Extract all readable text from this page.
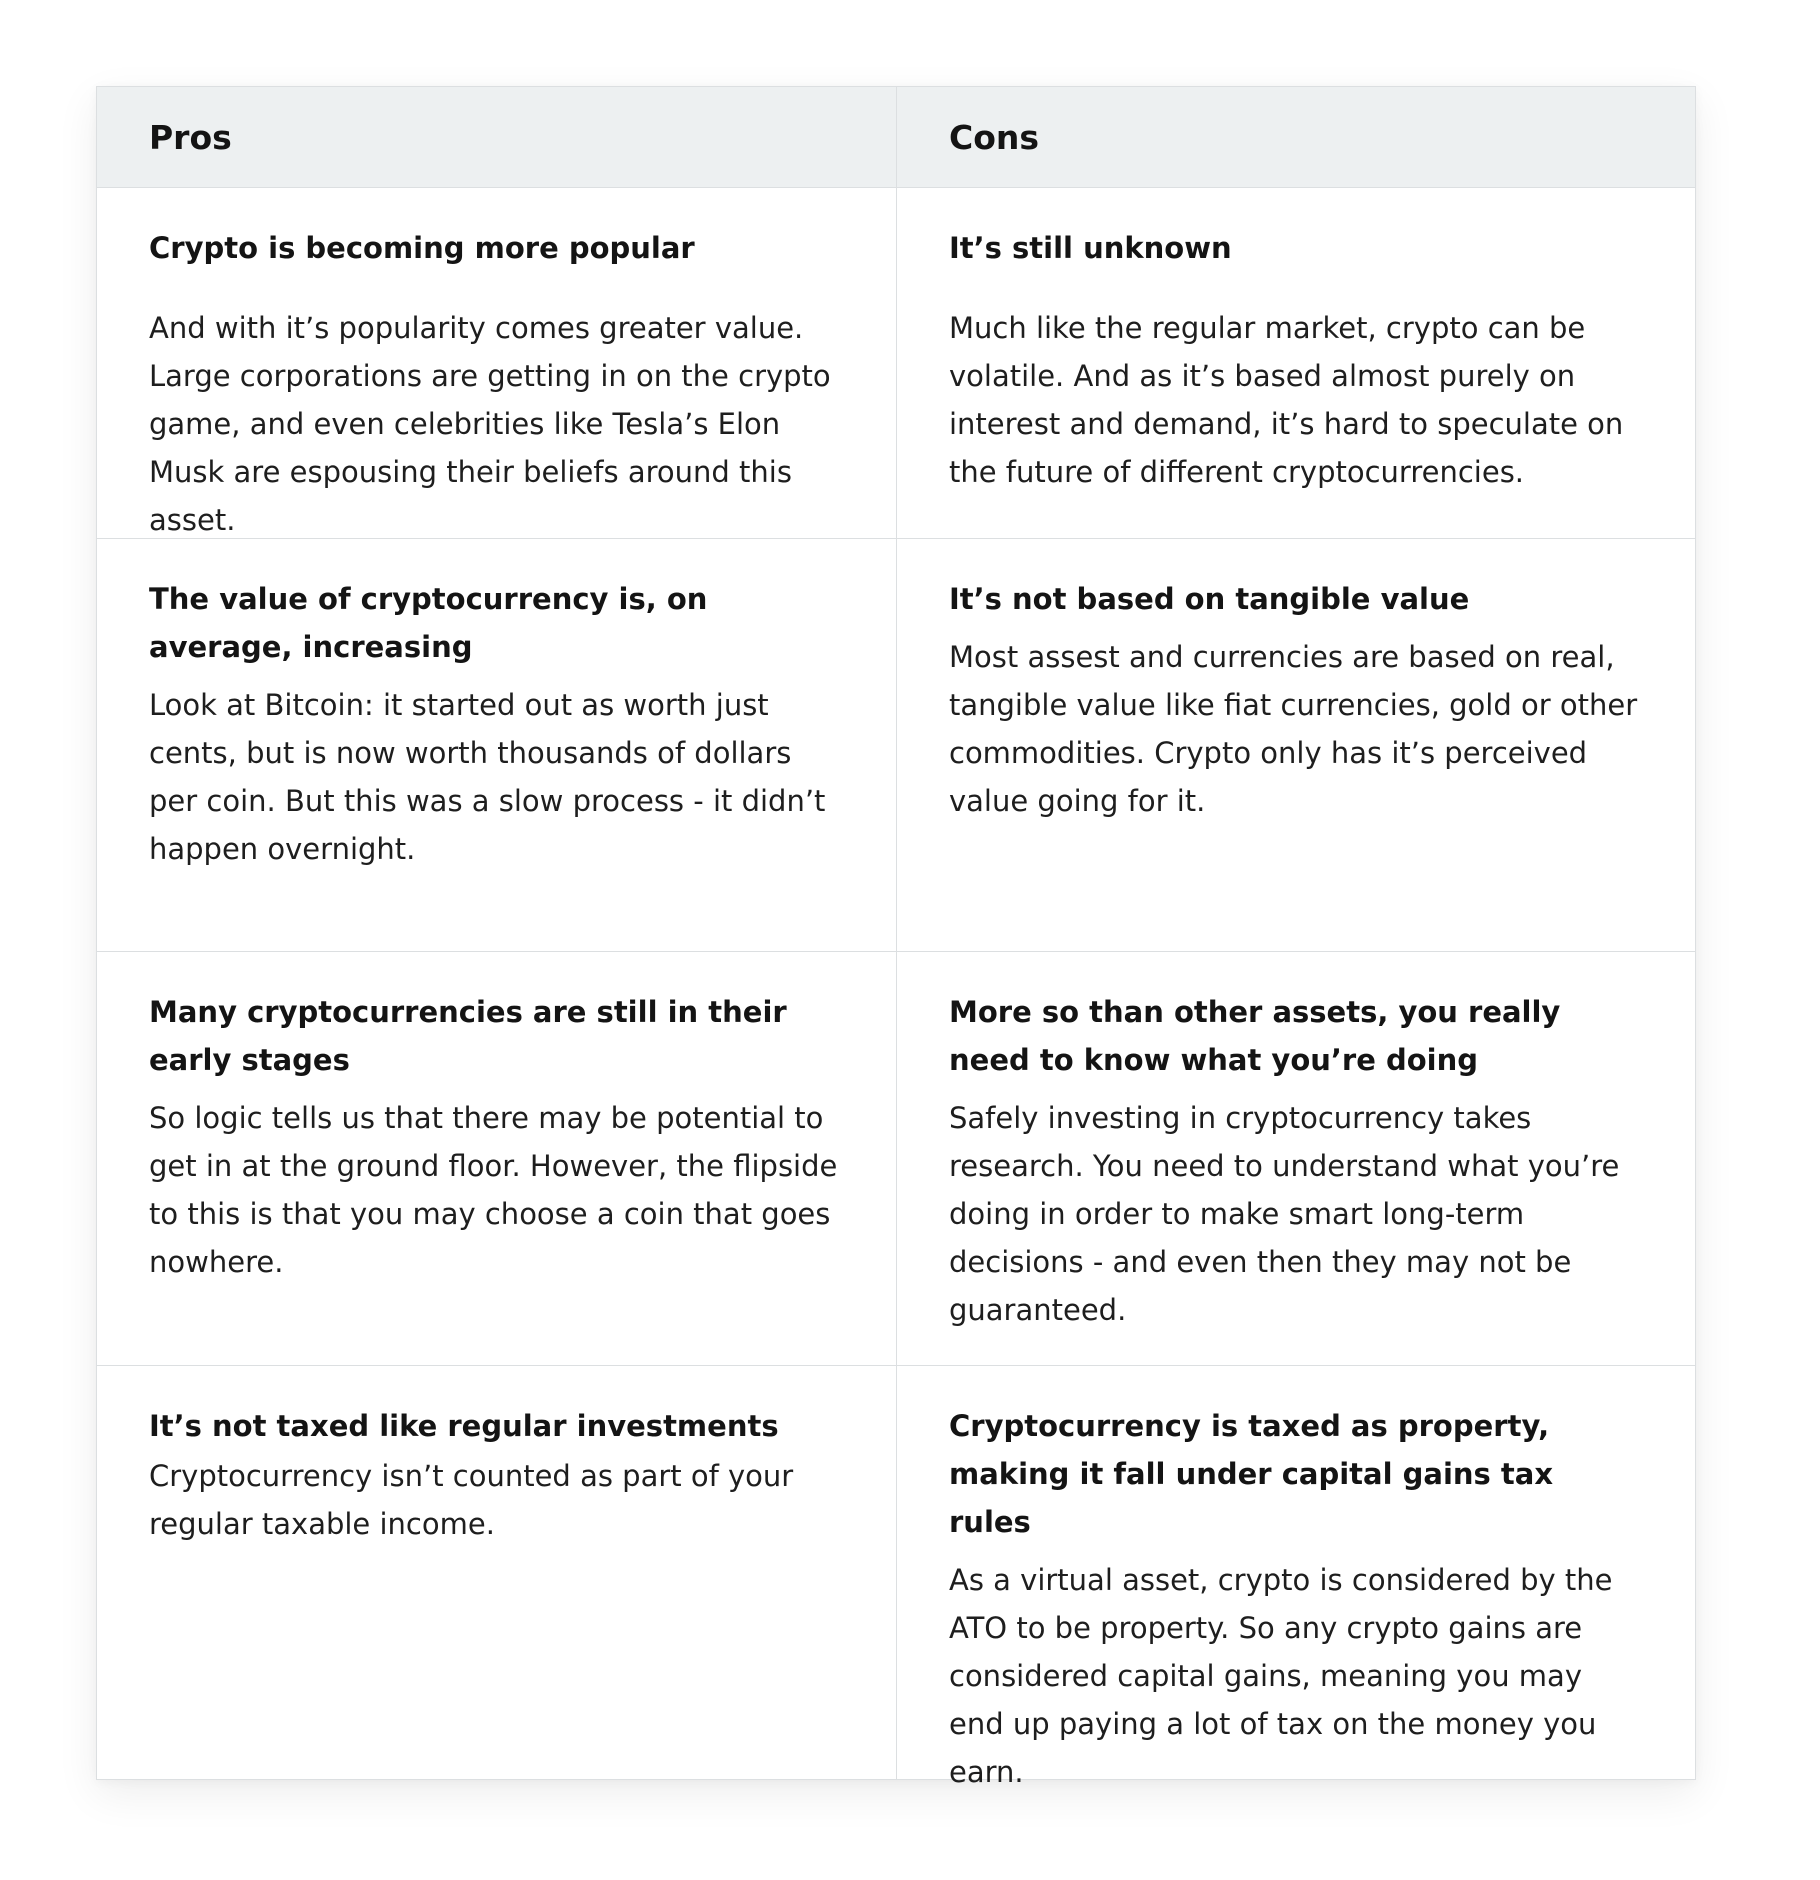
Pros	Cons

Crypto is becoming more popular

And with it’s popularity comes greater value. Large corporations are getting in on the crypto game, and even celebrities like Tesla’s Elon Musk are espousing their beliefs around this asset.

It’s still unknown

Much like the regular market, crypto can be volatile. And as it’s based almost purely on interest and demand, it’s hard to speculate on the future of different cryptocurrencies.

The value of cryptocurrency is, on average, increasing

Look at Bitcoin: it started out as worth just cents, but is now worth thousands of dollars per coin. But this was a slow process - it didn’t happen overnight.

It’s not based on tangible value

Most assest and currencies are based on real, tangible value like fiat currencies, gold or other commodities. Crypto only has it’s perceived value going for it.

Many cryptocurrencies are still in their early stages

So logic tells us that there may be potential to get in at the ground floor. However, the flipside to this is that you may choose a coin that goes nowhere.

More so than other assets, you really need to know what you’re doing

Safely investing in cryptocurrency takes research. You need to understand what you’re doing in order to make smart long-term decisions - and even then they may not be guaranteed.

It’s not taxed like regular investments

Cryptocurrency isn’t counted as part of your regular taxable income.

Cryptocurrency is taxed as property, making it fall under capital gains tax rules

As a virtual asset, crypto is considered by the ATO to be property. So any crypto gains are considered capital gains, meaning you may end up paying a lot of tax on the money you earn.
